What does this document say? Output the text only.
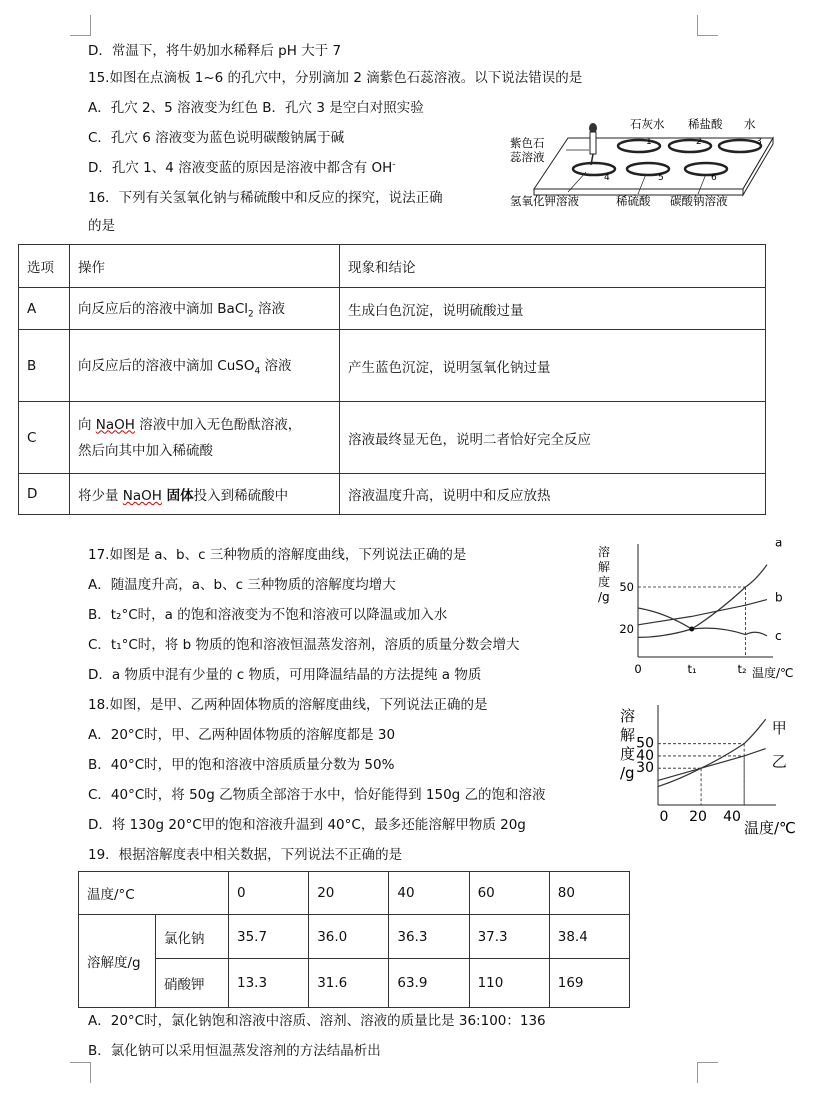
D．常温下，将牛奶加水稀释后 pH 大于 7
15.如图在点滴板 1~6 的孔穴中，分别滴加 2 滴紫色石蕊溶液。以下说法错误的是
A．孔穴 2、5 溶液变为红色 B．孔穴 3 是空白对照实验
C．孔穴 6 溶液变为蓝色说明碳酸钠属于碱
D．孔穴 1、4 溶液变蓝的原因是溶液中都含有 OH-
1	2	3
4	5	6
紫色石
蕊溶液
石灰水 稀盐酸 水
氢氧化钾溶液	稀硫酸 碳酸钠溶液
16．下列有关氢氧化钠与稀硫酸中和反应的探究，说法正确
的是
选项	操作	现象和结论
A	向反应后的溶液中滴加 BaCl$_2$ 溶液	生成白色沉淀，说明硫酸过量
B	向反应后的溶液中滴加 CuSO$_4$ 溶液	产生蓝色沉淀，说明氢氧化钠过量
C	向 NaOH 溶液中加入无色酚酞溶液，
然后向其中加入稀硫酸	溶液最终显无色，说明二者恰好完全反应
D	将少量 NaOH 固体投入到稀硫酸中	溶液温度升高，说明中和反应放热
17.如图是 a、b、c 三种物质的溶解度曲线，下列说法正确的是
A．随温度升高，a、b、c 三种物质的溶解度均增大
B．t₂°C时，a 的饱和溶液变为不饱和溶液可以降温或加入水
C．t₁°C时，将 b 物质的饱和溶液恒温蒸发溶剂，溶质的质量分数会增大
D．a 物质中混有少量的 c 物质，可用降温结晶的方法提纯 a 物质
溶
解
度
/g
温度/℃
50
20
0	t₁	t₂
a
b
c
18.如图，是甲、乙两种固体物质的溶解度曲线，下列说法正确的是
A．20°C时，甲、乙两种固体物质的溶解度都是 30
B．40°C时，甲的饱和溶液中溶质质量分数为 50%
C．40°C时，将 50g 乙物质全部溶于水中，恰好能得到 150g 乙的饱和溶液
D．将 130g 20°C甲的饱和溶液升温到 40°C，最多还能溶解甲物质 20g
溶
解
度
/g
温度/℃
50
40
30
0 20 40
甲
乙
19．根据溶解度表中相关数据，下列说法不正确的是
温度/°C		0	20	40	60	80
溶解度/g	氯化钠	35.7	36.0	36.3	37.3	38.4
	硝酸钾	13.3	31.6	63.9	110	169
A．20°C时，氯化钠饱和溶液中溶质、溶剂、溶液的质量比是 36:100：136
B．氯化钠可以采用恒温蒸发溶剂的方法结晶析出
